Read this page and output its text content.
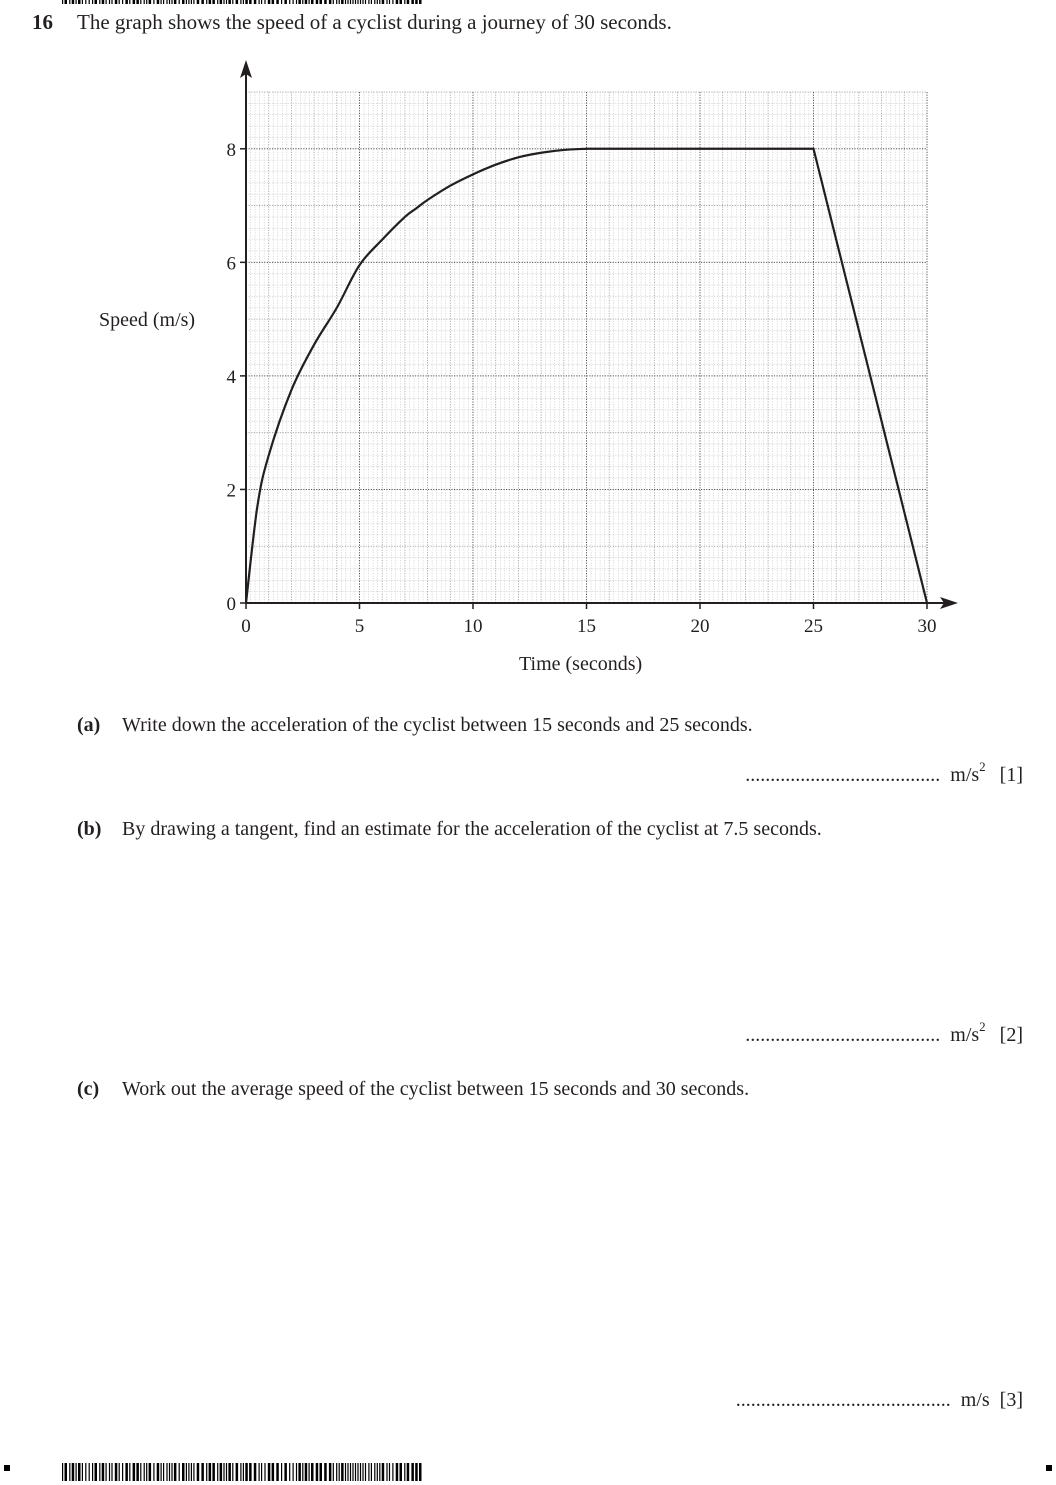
16 The graph shows the speed of a cyclist during a journey of 30 seconds.
0	5	10	15	20	25	30
0
2
4
6
8
Speed (m/s)
Time (seconds)
(a) Write down the acceleration of the cyclist between 15 seconds and 25 seconds.
....................................... $m/s^2$ [1]
(b) By drawing a tangent, find an estimate for the acceleration of the cyclist at 7.5 seconds.
....................................... $m/s^2$ [2]
(c) Work out the average speed of the cyclist between 15 seconds and 30 seconds.
........................................... m/s [3]
